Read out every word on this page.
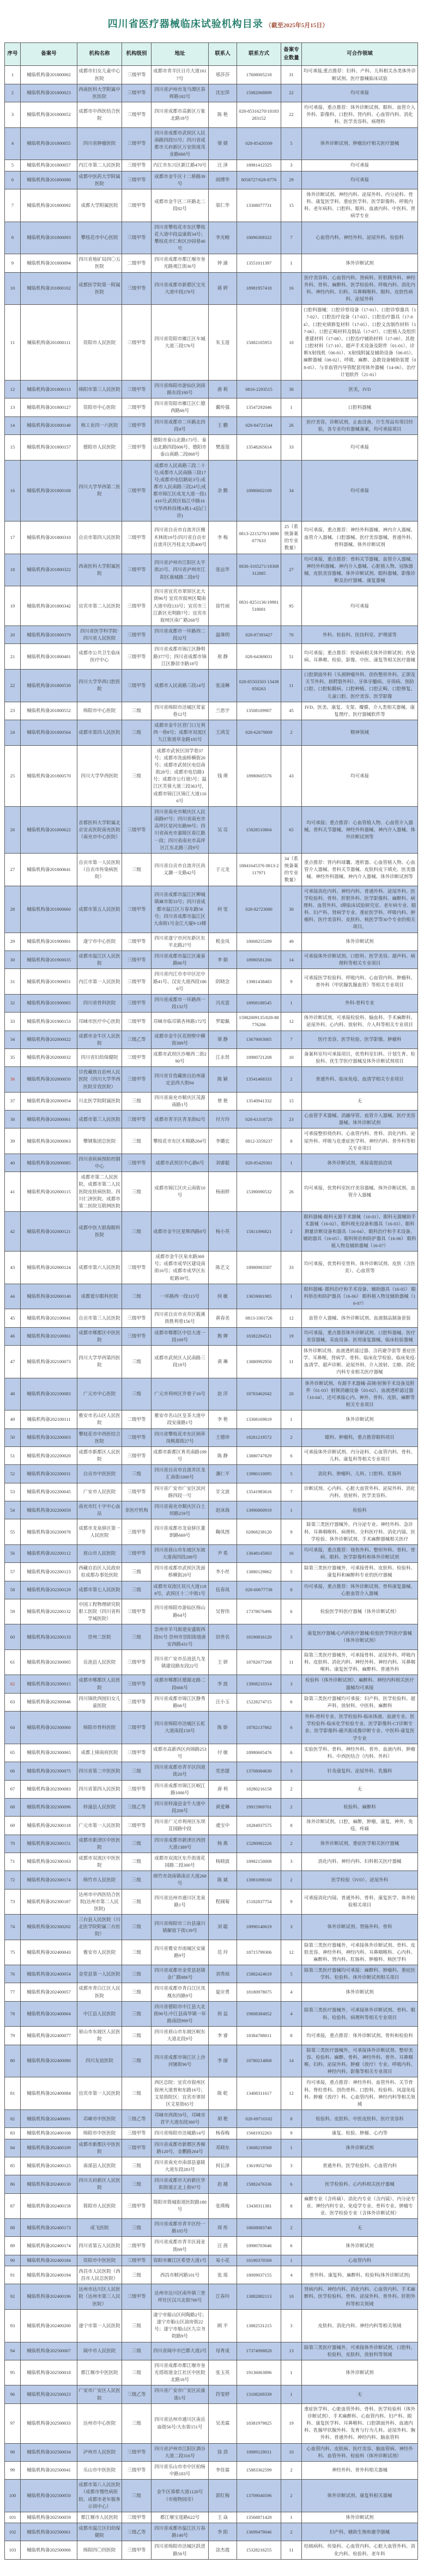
四川省医疗器械临床试验机构目录 （截至2025年5月15日）
序号	备案号	机构名称	机构级别	地址	联系人	联系方式	备案专业数量	可合作领域
1	械临机构备201800002	成都市妇女儿童中心医院	三级甲等	成都市青羊区日月大道1617号	邢莎莎	17608005218	31	均可承接,重点推荐：妇科、产科、儿科相关各类体外诊断试剂、医疗器械临床试验
2	械临机构备201800023	西南医科大学附属中医医院	三级甲等	四川省泸州市龙马潭区春晖路182号	沈宏萍	15082068899	22	均可承接
3	械临机构备201800052	成都市中西医结合医院	三级甲等	四川省成都市高新区万象北路18号	陈 艳	028-85316270/18183283152	22	均可承接，重点推荐：体外诊断试剂、眼科、血管介入外科、影像科、口腔科、肾内科、心血管内科、消化科、医学美容科、病理科
4	械临机构备201800055	四川省肿瘤医院	三级甲等	四川省成都市武侯区人民南路四段55号；四川省成都市天府新区万安街道茂业路666号	梁 婧	028-85420509	5	体外诊断试剂、肿瘤治疗相关医疗器械
5	械临机构备201800057	内江市第二人民医院	三级甲等	内江市东兴区新江路470号	汪 泽	18981412325	3	均可承接
6	械临机构备201800080	成都中医药大学附属医院	三级甲等	成都市金牛区十二桥路39号	阎博华	8058727/028-8776	29	均可承接
7	械临机构备201800092	成都大学附属医院	三级甲等	成都市金牛区二环路北二段82号	邬仁华	13308077731	15	体外诊断试剂、神经内科、泌尿外科、内分泌科、骨科、康复医学科、重症医学科、医学影像科、呼吸内科、老年病科、口腔科、眼科、血液内科、中医科、肾病学专业
8	械临机构备201800093	攀枝花市中心医院	三级甲等	四川省攀枝花市东区攀枝花大道中段益康街34号；攀枝花市仁和区沙园巷40号	李光峻	18096308322	7	心血管内科、神经外科、泌尿外科、检验科
9	械临机构备201800094	四川省地矿局四〇五医院	二级甲等	四川省成都市都江堰市奎光路观江街36号	钟 渝	13551011397	1	体外诊断试剂
10	械临机构备201800102	成都医学院第一附属医院	三级甲等	四川省成都市新都区宝光大道中段278号	蒋 婷	18981957418	16	医疗美容科、心血管内科、肾病科、肝胆胰外科、神经外科、骨科、麻醉科、医学检验科、呼吸内科、消化内科、神经内科、妇科、耳鼻咽喉科、眼科、皮肤性病科、泌尿外科
11	械临机构备201800111	资阳市人民医院	三级甲等	四川省资阳市雁江区车城大道三段576号	朱玉莲	15082105953	10	口腔科器械：口腔诊察设备（17-01）、口腔诊察器具（17-02）、口腔治疗设备（17-03）、口腔治疗器具（17-04）、口腔充填修复材料（17-05）、口腔义齿制作材料（17-06）、口腔正畸材料及制品（17-07）、口腔植入及组织重建材料（17-08）、口腔治疗辅助材料（17-09）、其他口腔材料（17-10）、超声手术设备及附件（01-01）、诊断X射线机（06-01）、X射线附属及辅助设备（06-05）、麻醉器械（08-02）、呼吸、麻醉、急救设备辅助装置（08-05）、与非血管内导管配套用体外器械（14-06）、治疗计划软件（21-01）
12	械临机构备201800113	绵阳市第三人民医院	三级甲等	四川省绵阳市游仙区剑南路东段190号	唐 莉	0816-2293515	38	医美，IVD
13	械临机构备201800127	资阳市中心医院	三级甲等	四川省资阳市雁江区仁德西路66号	戴传强	13547292046	1	口腔科器械
14	械临机构备201800140	核工业四一六医院	三级甲等	四川省成都市二环路北四段4号	王 鹏	028-84721544	26	医疗美容，诊断试剂，止血设备，计生用品有项目经验，各专业均有器械备案，均可承接项目
15	械临机构备201800157	德阳市人民医院	三级甲等	德阳市泰山北路173号、泰山北路四段606号、德阳市泰山南路二段868号	樊莲莲	13548265614	33	均可承接
16	械临机构备201800168	四川大学华西第二医院	三级甲等	成都市人民南路三段二十号;成都市人民南路三段17号;成都市电信路址3号;成都市人民南路三段24号;成都市锦江区成龙大道一段1416号;武侯区临江中路16号华西科技楼A栋1-4层(门诊)	余 勤	18980602109	34	均可承接
17	械临机构备201800310	自贡市第四人民医院	三级甲等	四川省自贡市自流井区檀木林街19号/四川省自贡市自流井区丹桂北大街400号	李 梅	0813-2215270/13890077633	25（系统备案的专业数量）	均可承接，重点推荐：神经外科器械、神内介入器械、血管介入器械、口腔器械、医疗美容器械、普通外科、骨科器械、体外诊断试剂
18	械临机构备201800322	西南医科大学附属医院	三级甲等	四川省泸州市江阳区太平街25号、四川省泸州市江阳区康城路二段8号	张远华	0830-3165271/18308312885	27	均可承接，重点推荐：骨科关节器械、血管介入器械、神经外科器械、神内介入器械、心脏植入物、冠脉器械、皮肤美容器械、体外诊断试剂、眼科器械、影像诊断及治疗器械、康复器械
19	械临机构备201800342	宜宾市第二人民医院	三级甲等	四川省宜宾市翠屏区北大街96号 宜宾市叙州区蜀南大道中段133号；宜宾市三江新区光明路7号；宜宾市叙州区南广路268号	徐竹雨	0831-8251136/19981518001	95	均可承接
20	械临机构备201800379	四川省医学科学院·四川省人民医院	三级甲等	四川省成都市一环路西二段32号	温珠明	028-87393427	76	外科、检验科、医技科室、护理部等
21	械临机构备201800401	成都市公共卫生临床医疗中心	三级甲等	四川省成都市锦江区静明路377号；四川省成都市锦江区静居寺路18号	敖 静	028-64369031	51	均可承接；重点推荐：传染病相关体外诊断试剂；传染病、耳鼻喉、检验、影像、中医、康复等相关医疗器械
22	械临机构备201800530	四川大学华西口腔医院	三级甲等	成都市人民南路三段14号	张凌琳	028-85503503 13438058263	11	口腔颌面外科（头颈肿瘤外科、创伤整形外科、正颌及关节外科、唇腭裂外科）、牙体牙髓病、牙周病、预防口腔、口腔粘膜病、口腔种植、口腔正畸、口腔修复、儿童口腔、医疗美容、医学影像
23	械临机构备201800552	绵阳市中心医院	三级	四川省绵阳市涪城区常家巷12号	兰思宇	13508109907	45	IVD、医美、康复、支架、瓣膜、介入类相关器械、康复理疗、医疗器械软件等
24	械临机构备201800564	成都市第四人民医院	三级	成都市金牛区营门口互利西一巷8号；成都市双流区九江街道草金路105号	王鸿芠	028-62679809	2	精神领域
25	械临机构备201800570	四川大学华西医院	三级	成都市武侯区国学巷37号；成都市洗面桥横街20号；成都市武侯区电信南街28号；成都市电信路3号；成都市公行道5号；温江区芙蓉大道三段363号，成都市锦江区锦江大道1166号	钱 瑛	18980605576	43	均可承接
26	械临机构备201800622	首都医科大学附属北京安贞医院南充医院（南充市中心医院）	三级甲等	四川省南充市顺庆区人民南路97号；四川省南充市高坪区星河东路99号；四川省南充市嘉陵区春江路一段；四川省南充市高坪区江东北路三段9号	吴 亮	15828510804	65	均可承接；重点推荐：心血管植入物、心血管介入器械、骨科关节器械、神经外科器械、神内介入器械、体外诊断试剂等
27	械临机构备201800641	自贡市第一人民医院（自贡市传染病医院）	三级	四川省自贡市自流井区尚义灏一支路42号	于元龙	18841645376 0813-2117971	34（系统备案的专业数量）	重点推荐：肾内科球囊、透析器、心血管植入物、心血管介入器械、骨科关节器械、皮肤科皮下填充、医美器械、神经外科器械、神内介入器械、体外诊断试剂等
28	械临机构备201800660	成都市第五人民医院	三级甲等	四川省成都市温江区柳城镇麻市街33号；四川省成都市温江区万春东路56号；四川省成都市温江区大南街1号金江大厦9-13楼	何 雯	028-82723080	30	可承接消化内科、神经内科、普通外科、泌尿外科、医学检验科、骨科、肝胆外科、医学影像科、麻醉科、病理科、血管外科、I期临床试验研究室、老年病专业、眼科、妇产科、肾病学专业、重症医学科、呼吸内科、肿瘤科、医疗美容科、皮肤科、核医学等30个专业的相关项目。
29	械临机构备201900001	遂宁市中心医院	三级甲等	四川省遂宁市河东新区东平北路27号	税金凤	18008255289	49	体外诊断试剂
30	械临机构备201900035	成都市温江区人民医院	三级甲等	四川省成都市温江区康泰路86号	李 娟	18980581266	14	可承接体外诊断试剂、口腔科、医学美容、超声科、病理科等相关专业项目
31	械临机构备201900051	内江市第一人民医院	三级甲等	四川省内江市市中区沱中路41号、汉安大道西段1866号	阴晓念	13981438483	9	可承接医学检验科、呼吸内科、心血管内科、肿瘤科、普外科（甲状腺乳腺血管）等相关专业项目
32	械临机构备201900065	四川省骨科医院	三级甲等	四川省成都市一环路西一段132号	冯光富	18908188545	1	外科-骨科专业
33	械临机构备201900153	邛崃市医疗中心医院	三级甲等	邛崃市临邛镇杏林路172号	罗聪佩	15982009135/028-88776206	12	体外诊断试剂。可承接检验科、输血科、手术麻醉科、泌尿外科、心内科、放射科、介入科等相关专业项目
34	械临机构备202000022	成都市金牛区人民医院	三级乙等	成都市金牛区花照壁中横街389号	梁 静	13679003005	7	医疗美容、医学检验、医学影像、肿瘤科
35	械临机构备202000032	四川省妇幼保健院	三级甲等	成都市武侯区沙堰西二街290号	江永贤	18980721208	10	备案科室均可承接项目，优势科室妇科、计划生育、检验科、优生学医疗器械及体外诊断试剂项目
36	械临机构备202000050	甘孜藏族自治州人民医院（四川大学华西医院甘孜医院）	三级甲等	四川省甘孜藏族自治州康定县西大街94	陈 颖	13541468333	2	普通外科、临床免疫、血清学相关专业项目
37	械临机构备202000054	川北医学院附属医院	三级	四川省南充市顺庆区茂源南路1号	曾 艳	13540941332	15	无
38	械临机构备202000061	成都市第三人民医院	三级甲等	成都市青羊区青龙街82号	付方玲	028-61318720	23	心血管手术器械、消融导管、血管介入器械、医疗美容器械、体外诊断试剂
39	械临机构备202000063	攀钢集团总医院	三级	攀枝花市东区木棉路284号	李璐宏	0812-3359237	8	可承接整形烧伤科、心血管内科、骨科、消化内科、泌尿外科、呼吸与危重症医学科、神经内科、普外科等相关专业项目
40	械临机构备202000085	四川省疾病预防控制中心	三级甲等	成都市武侯区中心路6号	刘睿聪	028-85429301	1	体外诊断试剂，承接需提前洽谈
41	械临机构备202000115	成都市第二人民医院、成都市第二人民医院皮肤病医院、四川仁济医院、成都市第二医院互联网医院	三级	成都市锦江区庆云南街10号	杨雨婷	15390090532	26	均可承接，优势科室医疗美容器械、体外诊断试剂、血管介入器械
42	械临机构备202000121	成都中医大银海眼科医院	三级	成都市金牛区星辉西路8号	杨小英	15811096821	2	眼科器械-眼科无源手术器械（16-01）、眼科无源辅助手术器械（16-02）、眼科视光设备和器具（16-03）、眼科测量诊断设备和器具（16-04）、眼科治疗和手术设备、辅助器具（16-05）、眼科矫治和防护器具（16-06） 眼科植入物及辅助器械（16-07）
43	械临机构备202000124	成都市第六人民医院	三级甲等	成都市金牛区泉水路369号；成都市成华区建设南街16号；成都市成华区东虹路39号,	陈艺文	18980983507	33	均可承接，优势科室骨科、体外诊断试剂、皮肤（含医美）、心血管等
44	械临机构备202000140	成都爱尔眼科医院	三级	一环路西一段115号	何 敏	13659001985	1	眼科器械- 眼科治疗和手术设备、辅助器具（16-05） 眼科矫治和防护器具（16-06） 眼科植入物及辅助器械（16-07）
45	械临机构备202100041	自贡市第三人民医院	三级甲等	四川省自贡市贡井区筱溪街胜利巷156号	黄春美	0813-3301726	12	血管介入器械、体外诊断试剂、血液制品制备套装
46	械临机构备202100061	成都市郫都区中医医院	三级甲等	成都市郫都区中信大道一段169号	熊 婵	18382284521	19	均可承接，重点推荐体外诊断试剂、口腔科器械、医疗美容器械、采血设备、医用康复器械、临床检验器械
47	械临机构备202100073	四川大学华西第四医院	三级	成都市武侯区人民南路三段18号	黄 琳	13880992950	11	体外诊断试剂、血液透析滤过器、含药避孕套等 重症医学、耳鼻喉、肾病学、骨科、临床化学检验、临床免疫-血清学、超声诊断、泌尿外科、介入放射、尘肺、消化内科专业相关医疗器械
48	械临机构备202100083	广元市中心医院	三级	广元市利州区井巷子16号	赵 洋	18783462042	20	体外诊断试剂、有源手术器械-高频/射频手术设备及附件（01-03）射频消融设备（03-02）、血液透析滤过器（10-04），还可承接心内、神外、骨科、皮肤、麻醉等相关专业项目
49	械临机构备202100111	雅安市名山区人民医院	二级甲等	雅安市名山区皇茶大道中段安康路1号	李 艳	13308169819	1	体外诊断试剂
50	械临机构备202200003	攀枝花市中西医结合医院	三级甲等	四川省攀枝花市东区炳草岗桃源街27号	王德珍	18281219572	2	眼科、肿瘤科，重点推荐眼科项目
51	械临机构备202200020	成都市新都区人民医院	三级甲等	成都市新都区育英南路199号	陈 静	13880747829	6	可承接体外诊断试剂、内分泌科、心血管内科、骨科、儿科、康复科等相关专业项目
52	械临机构备202200031	自贡市中医医院	三级	四川省自贡市自流井区龙汇南街1000号	潘仁平	13980110095	5	消化科、肿瘤科、儿科、口腔科、肛肠科
53	械临机构备202200045	广安市人民医院	三级甲等	四川省广安市广安区滨河路四段一号	甘文波	13541983616	7	诊断试剂、心内科、心脏大血管外科、泌尿外科、消化内科、放射科、医学美容科、
54	械临机构备202200059	南充市红十字中心血站	非医疗机构	四川省南充市顺庆区白土坝路259号	赵冰海	13990800919	1	检验科
55	械临机构备202200078	成都市龙泉驿区第一人民医院	三级甲等	四川省成都市龙泉驿区董朗路669号	鞠凤图	02868238120	9	除第三类医疗器械外，内分泌专业、神经外科、急诊科、耳鼻咽喉科、病理科、全科医疗科、消化内镜、医学检验、体外诊断试剂、手术麻醉器械相关医疗
56	械临机构备202200112	眉山市人民医院	三级甲等	四川省眉山市东坡区东坡大道南四段288号	尹 希	13648145003	16	均可承接，重点推荐：烧伤外科、整形外科、骨科、骨病、眼科、医学影像科和体外诊断试剂
57	械临机构备202200123	西藏自治区人民政府驻成都办事处医院	三级	四川省成都市武侯区洗面桥横街20号	李小丝	13880129862	5	除第三类医疗器械外，可承接骨科、皮肤科、检验科、康复科和麻醉科专业的医疗器械
58	械临机构备202200129	成都市第七人民医院	三级	成都市双流区双兴大道1188号，武侯区十二中街1号	伍春岚	028-60677738	8	均可承接，重点推荐：体外诊断试剂、骨科康复器械、心脏血管介入器械
59	械临机构备202200132	中国工程物理研究院职工医院（四川省科学城医院）	三级甲等	四川省绵阳市游仙区绵山路64号	吴智伟	17378676496	6	检验医学科医疗器械（体外诊断试剂）
60	械临机构备202200133	崇州二医院	三级	崇州市羊马街道安盛街西段91号 崇州市崇阳街道唐安西路431号	田世名	18190816120	3	康复医疗器械/心内科医疗器械/检验医学科医疗器械（体外诊断试剂）
61	械临机构备202300005	岳池县人民医院	三级甲等	四川省广安市岳池县九龙镇建设路东段22号	王 妍	18782677268	11	除第三类医疗器械外，可承接骨科、泌尿外科、呼吸内科、皮肤科、消化内科、神经外科、神经内科、耳鼻咽喉科、康复医学科、麻醉科、普通外科
62	械临机构备202300015	成都市郫都区人民医院	三级甲等	成都市郫都区德源北路二段666号	李 波	13908210314	3	检验科（体外诊断试剂）、麻醉科、神经内科相关医疗器械均可承接
63	械临机构备202300046	四川锦欣西囡妇女儿童医院	三级甲等	四川省成都市锦江区静秀路66号	汪小玉	15228274715	6	除第三类医疗器械均可承接：妇产科、医学检验科、超声科、放射科、中医科、麻醉科
64	械临机构备202300060	绵阳市骨科医院	三级甲等	四川省绵阳市涪城区长虹大道南段158号	陈 娇	18782137862	6	外科-骨科专业、医学检验科-临床体液、血液专业、医学检验科-临床化学检验专业、医学影像科-CT诊断专业、医学影像科-磁共振成像诊断专业、中医科-康复医学专业
65	械临机构备202300065	成都上锦南府医院	三级甲等	成都市高新西区尚锦路253号	付 敏	18980605476	6	实验医学科、骨科、神经外科、普外、血液内科、肿瘤科、中西医结合（内科、外科）
66	械临机构备202300075	四川省第二中医医院	三级	四川省成都市青羊区四道街20号	党思捷	13708084630	3	针灸康复科、泌尿外科、乳腺科
67	械临机构备202300083	四川省第四人民医院	三级甲等	四川省成都市锦江区岷江路1666号	唐 利	18280216158	2	无
68	械临机构备202300096	梓潼县人民医院	三级乙等	四川省梓潼县金牛大道中段200号	黄爱琳	19915969701	2	检验科、麻醉科
69	械临机构备202300118	广元市第一人民医院	三级甲等	四川省广元市利州区东坝苴国路中段	虞宝中	18284937575	8	体外诊断试剂，口腔，麻醉，肿瘤，康复，神外，免疫，疼痛
70	械临机构备202300151	成都市新津区中医医院	三级	四川省成都市新津区西创大道1389号	杨 燕	15280982226	2	体外诊断试剂，重症医学相关医疗器械
71	械临机构备202300163	成都市双流区中医医院	三级	成都市双流区东升街道花园路二段300号	杨晓波	18982150008	3	消化内科、神经内科、妇科相关医疗器械
72	械临机构备202300174	绵竹市人民医院	三级	绵竹市剑南镇南京大道268号	陈 斌	13981098160	2	医学检验（IVD）、泌尿外科
73	械临机构备202300187	达州市中西医结合医院(达州市第二人民医院)	三级	四川省达州市通川区龙泉路1号	程阔菊	15182837754	9	可承接消化内镜、普通外科、骨科、康复医学、体外检验相关项目
74	械临机构备202300202	三台县人民医院（川北医学院附属三台医院）	三级	四川省绵阳市三台县潼川镇解放下街139号	刘 聪	18990140619	3	体外诊断试剂、胃肠外科、骨科
75	械临机构备202400043	雅安市人民医院	三级	四川省雅安市雨城区安康路9号	范 玲	18715799306	12	除第三类医疗器械外，可承接体外诊断试剂、骨科、皮肤美容、神经外科、神经内科、耳鼻咽喉科、心内科、麻醉科、肾内科、肛肠科、肿瘤科、核医学科
76	械临机构备202400054	金堂县第一人民医院	三级	四川省成都市金堂县赵镇金广路886号	刘秀琼	15882424619	5	除第三类医疗器械均可承接：麻醉科、肿瘤科、重症医学科、检验科、体外诊断试剂相关项目
77	械临机构备202400057	成都市青白江区人民医院	三级	四川省成都市青白江区凤凰东四路9号	夏应勇	18180978075	4	体外诊断试剂
78	械临机构备202400064	中江县人民医院	三级	四川省德阳市中江县大北街96号;中江县南华镇一环路南段999号	侯 益	19808384052	4	除第三类医疗器械外，可承接体外诊断试剂、骨科、眼科、检验科、病理科等相关专业项目
79	械临机构备202400077	眉山市东坡区人民医院	三级	四川省眉山市东坡区岷东大道北段9号	李 睿	18384788011	8	均可承接，重点推荐：体外诊断试剂、骨科和检验科
80	械临机构备202400080	四川友谊医院	三级	四川省成都市锦江区上沙河铺街96号	李 丽	18780214868	14	除第三类医疗器械外，可承接体外诊断试剂、整形美容、检验科、麻醉、骨科、神经外科、普外、耳鼻咽喉、妇科、泌尿外科、肿瘤（放疗）专业、呼吸内科、神经内科、影像等相关专业项目
81	械临机构备202400084	宜宾市第一人民医院	三级	西区总院：宜宾市叙州区叙州大道普和东路16号；文星街院区：宜宾市翠屏区文星街65号	陈 乾	13408311617	12	均可承接，重点推荐：神经外科、血管外科、关节骨科、脊柱骨科、创伤骨科、口腔科、检验科、风湿免疫科、肿瘤（放疗）科、心血管内科、神经内科等相关领域
82	械临机构备202400091	邛崃市中医医院	三级乙等	邛崃市西街59号，邛崃市君平大道东段360号	胡 艳	028-69710102	8	检验科、皮肤科、中医皮肤科、医疗美容科
83	械临机构备202400108	绵阳市中医医院	三级甲等	四川省绵阳市涪城路14号	杨春梅	15681932263	9	康复、检验、肿瘤、心内等
84	械临机构备202400109	成都市新都区中医医院	三级甲等	四川省成都市新都区香樟路120号，金鹏路264号	邓晓东	13608219569	1	体外诊断试剂
85	械临机构备202400125	南部县人民医院	三级	四川省南充市南部县嘉陵大道东段283号	何长泽	13619052760	3	普通外科、医学检验科、心血管内科
86	械临机构备202400130	四川天府新区人民医院	三级	四川省成都市天府新区华阳街道正北上街97号	赵 越	15882476336	6	医学检验科、心内科相关医疗器械
87	械临机构备202400158	简阳市人民医院	三级甲等	简阳市简城街道医院路180号	张瑛梅	13438311381	8	麻醉专业（含疼痛）、消化内专业（含内镜）、内分泌专业、神经内科专业、免疫学专业、骨科专业、肿瘤专业、医学检验专业（含体外诊断试剂）
88	械临机构备202400173	成飞医院	三级	四川省成都市青羊区经一路105号	周 彤	18608083740	2	无
89	械临机构备202400174	四川省第五人民医院	二级甲等	四川省成都市青羊区商业街69号	汪 茜	18980703646	6	体外诊断试剂
90	械临机构备202400184	资阳市中医医院	三级甲等	资阳市雁江区希望大道1号	易小花	18190370569	1	心血管内科
91	械临机构备202400194	西昌市人民医院（西昌市人民总医院）	三级	西昌市顺河路101号	张 瑶	18009037155	4	普外科、康复科、麻醉科、检验科(体外诊断试剂)
92	械临机构备202400196	达州市达川区人民医院（达州市第三人民医院）	三级甲等	达州市达川区南外镇三里坪社区汉兴北街700号	江春玲	13882882113	10	肾病内科、神经内科、消化内科、心血管内科、手术麻醉科、医学检验科、骨科、泌尿外科、普外科、肝胆外科等相关领域
93	械临机构备202400200	遂宁市第一人民医院	三级	遂宁市船山区何陶路2号；遂宁市船山区油房街22号；遂宁市船山区九宗书院路9号	顾 平	13882531215	3	皮肤科、消化内科、神经内科等相关领域
94	械临机构备202500007	阆中市人民医院	三级	四川省阆中市巴都大道2号	母育成	17374998828	13	除第三类医疗器械外，可承接体外诊断试剂，口腔科，检验科，皮肤科，放射科等领域
95	械临机构备202500018	都江堰市中医医院	三级	四川省成都市都江堰市奎光塔街道金江社区中医院北路16号	张玉英	19136063896	1	体外诊断试剂
96	械临机构备202500023	广安市广安区人民医院	三级乙等	四川省广安市广安区民康街1号	符雯婷	13108269339	1	无
97	械临机构备202500033	达州市中心医院	三级	四川省达州市通川区南岳庙街56号/大东街151号	吴美霖	18381979825	19	重症医学科、心脏血管外科、骨科、医学检验科（体外诊断试剂）、手术麻醉科、心血管内科、妇产科、眼科、康复医学科、耳鼻喉科、口腔颌面外科、血液内科、乳腺甲状腺外科、发育与行为儿科、泌尿外科、胸外科、普通外科、神经内科、脑血管科
98	械临机构备202500034	泸州市人民医院	三级甲等	四川省泸州市江阳区酒谷大道二段316号	徐 劲	18989129011	10	心血管内科、皮肤病、医疗美容、脑血管病、神经外科、血管外科、检验科（体外诊断试剂）
99	械临机构备202500041	乐山市中医医院	三级甲等	四川省乐山市市中区柏杨中路183号	李佳霖	15883362599	2	神经外科、普外科相关器械
100	械临机构备202500050	成都市第八人民医院（成都市慢性病医院、成都市老年服务示训中心）	三级	金牛区蓉都大道1120号（市植物园旁）	郭红梅	13709040596	2	体外诊断试剂、康复科相关器械
101	械临机构备202500059	都江堰市人民医院	三级甲等	都江堰宝莲路622号	王 焱	13568871428	1	体外诊断试剂
102	械临机构备202500061	成都市温江区妇幼保健院	三级乙等	四川省成都市温江区万春路140号	李 阳	13699479046	2	妇产科、辅助生殖和避孕器械
103	械临机构备202500066	绵阳四〇四医院	三级甲等	四川省绵阳市涪城区跃进路56号	涂杰霞	15328216255	11	结核病科、传染科、心血管内科、心脏大血管外科、消化内科、检验科、老年科
